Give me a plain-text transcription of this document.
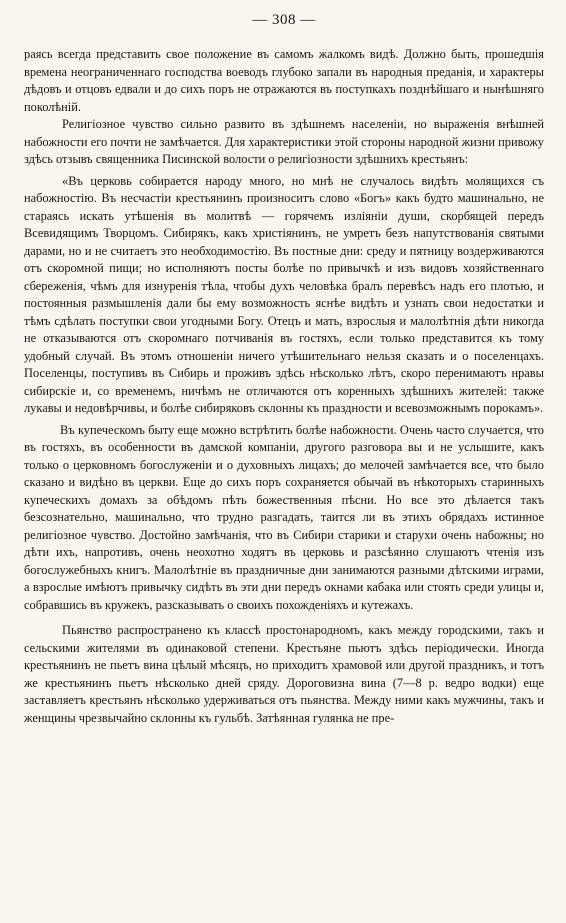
— 308 —

раясь всегда представить свое положение въ самомъ жалкомъ видѣ. Должно быть, прошедшія времена неограниченнаго господства воеводъ глубоко запали въ народныя преданія, и характеры дѣдовъ и отцовъ едвали и до сихъ поръ не отражаются въ поступкахъ позднѣйшаго и нынѣшняго поколѣній.

Религіозное чувство сильно развито въ здѣшнемъ населеніи, но выраженія внѣшней набожности его почти не замѣчается. Для характеристики этой стороны народной жизни привожу здѣсь отзывъ священника Писинской волости о религіозности здѣшнихъ крестьянъ:

«Въ церковь собирается народу много, но мнѣ не случалось видѣть молящихся съ набожностію. Въ несчастіи крестьянинъ произноситъ слово «Богъ» какъ будто машинально, не стараясь искать утѣшенія въ молитвѣ — горячемъ изліяніи души, скорбящей передъ Всевидящимъ Творцомъ. Сибирякъ, какъ христіянинъ, не умретъ безъ напутствованія святыми дарами, но и не считаетъ это необходимостію. Въ постные дни: среду и пятницу воздерживаются отъ скоромной пищи; но исполняютъ посты болѣе по привычкѣ и изъ видовъ хозяйственнаго сбереженія, чѣмъ для изнуренія тѣла, чтобы духъ человѣка бралъ перевѣсъ надъ его плотью, и постоянныя размышленія дали бы ему возможность яснѣе видѣть и узнать свои недостатки и тѣмъ сдѣлать поступки свои угодными Богу. Отецъ и мать, взрослыя и малолѣтнія дѣти никогда не отказываются отъ скоромнаго потчиванія въ гостяхъ, если только представится къ тому удобный случай. Въ этомъ отношеніи ничего утѣшительнаго нельзя сказать и о поселенцахъ. Поселенцы, поступивъ въ Сибирь и проживъ здѣсь нѣсколько лѣтъ, скоро перенимаютъ нравы сибирскіе и, со временемъ, ничѣмъ не отличаются отъ коренныхъ здѣшнихъ жителей: также лукавы и недовѣрчивы, и болѣе сибиряковъ склонны къ праздности и всевозможнымъ порокамъ».

Въ купеческомъ быту еще можно встрѣтить болѣе набожности. Очень часто случается, что въ гостяхъ, въ особенности въ дамской компаніи, другого разговора вы и не услышите, какъ только о церковномъ богослуженіи и о духовныхъ лицахъ; до мелочей замѣчается все, что было сказано и видѣно въ церкви. Еще до сихъ поръ сохраняется обычай въ нѣкоторыхъ старинныхъ купеческихъ домахъ за обѣдомъ пѣть божественныя пѣсни. Но все это дѣлается такъ безсознательно, машинально, что трудно разгадать, таится ли въ этихъ обрядахъ истинное религіозное чувство. Достойно замѣчанія, что въ Сибири старики и старухи очень набожны; но дѣти ихъ, напротивъ, очень неохотно ходятъ въ церковь и разсѣянно слушаютъ чтенія изъ богослужебныхъ книгъ. Малолѣтніе въ праздничные дни занимаются разными дѣтскими играми, а взрослые имѣютъ привычку сидѣть въ эти дни передъ окнами кабака или стоять среди улицы и, собравшись въ кружекъ, разсказывать о своихъ похожденіяхъ и кутежахъ.

Пьянство распространено къ классѣ простонародномъ, какъ между городскими, такъ и сельскими жителями въ одинаковой степени. Крестьяне пьютъ здѣсь періодически. Иногда крестьянинъ не пьетъ вина цѣлый мѣсяцъ, но приходитъ храмовой или другой праздникъ, и тотъ же крестьянинъ пьетъ нѣсколько дней сряду. Дороговизна вина (7—8 р. ведро водки) еще заставляетъ крестьянъ нѣсколько удерживаться отъ пьянства. Между ними какъ мужчины, такъ и женщины чрезвычайно склонны къ гульбѣ. Затѣянная гулянка не пре-
